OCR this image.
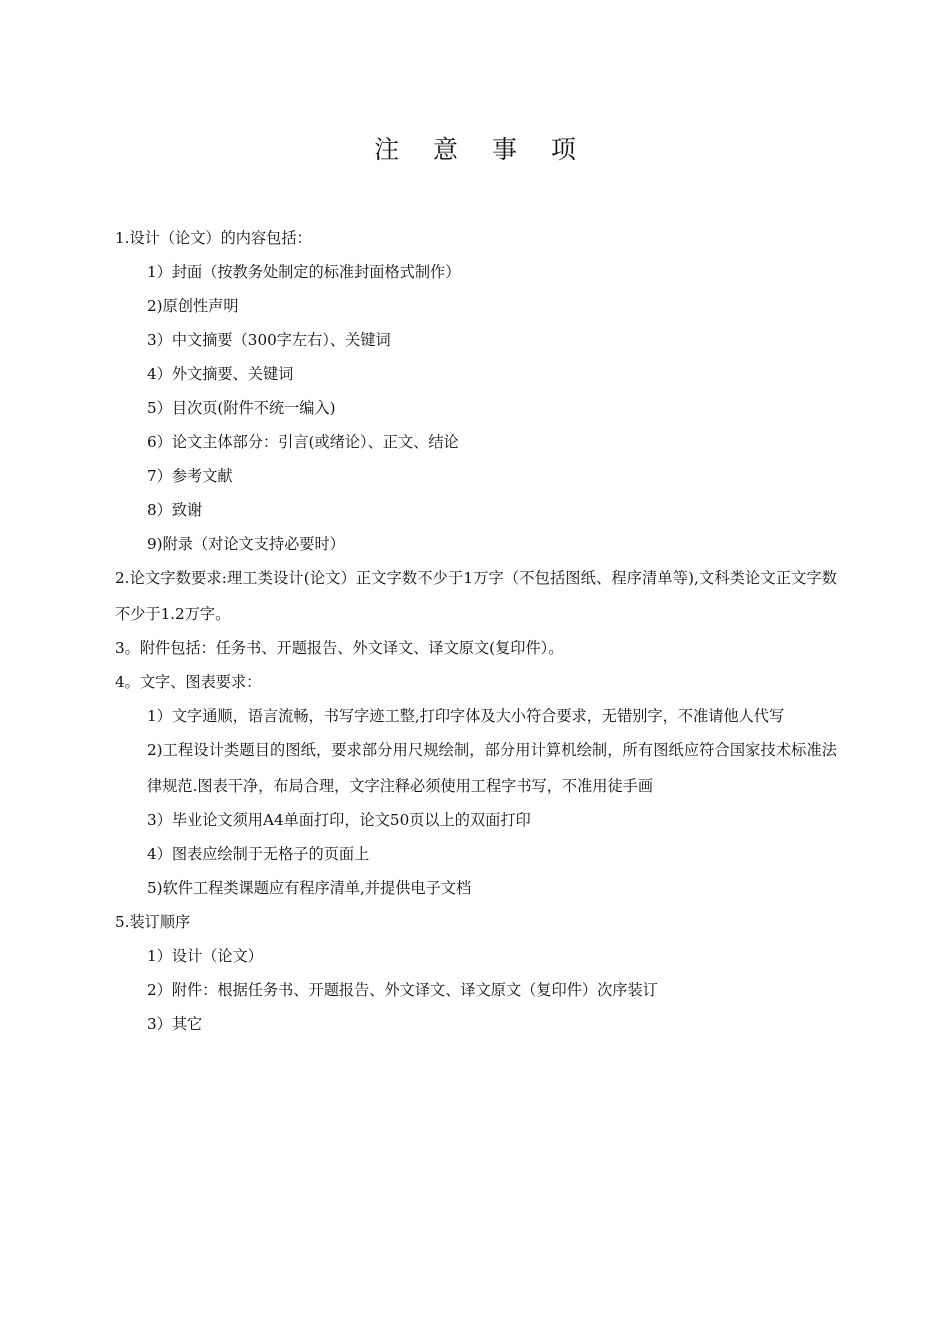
注 意 事 项
1.设计（论文）的内容包括：
1）封面（按教务处制定的标准封面格式制作）
2)原创性声明
3）中文摘要（300字左右）、关键词
4）外文摘要、关键词
5）目次页(附件不统一编入)
6）论文主体部分：引言(或绪论）、正文、结论
7）参考文献
8）致谢
9)附录（对论文支持必要时）
2.论文字数要求:理工类设计(论文）正文字数不少于1万字（不包括图纸、程序清单等),文科类论文正文字数不少于1.2万字。
3。附件包括：任务书、开题报告、外文译文、译文原文(复印件）。
4。文字、图表要求：
1）文字通顺，语言流畅，书写字迹工整,打印字体及大小符合要求，无错别字，不准请他人代写
2)工程设计类题目的图纸，要求部分用尺规绘制，部分用计算机绘制，所有图纸应符合国家技术标准法律规范.图表干净，布局合理，文字注释必须使用工程字书写，不准用徒手画
3）毕业论文须用A4单面打印，论文50页以上的双面打印
4）图表应绘制于无格子的页面上
5)软件工程类课题应有程序清单,并提供电子文档
5.装订顺序
1）设计（论文）
2）附件：根据任务书、开题报告、外文译文、译文原文（复印件）次序装订
3）其它
